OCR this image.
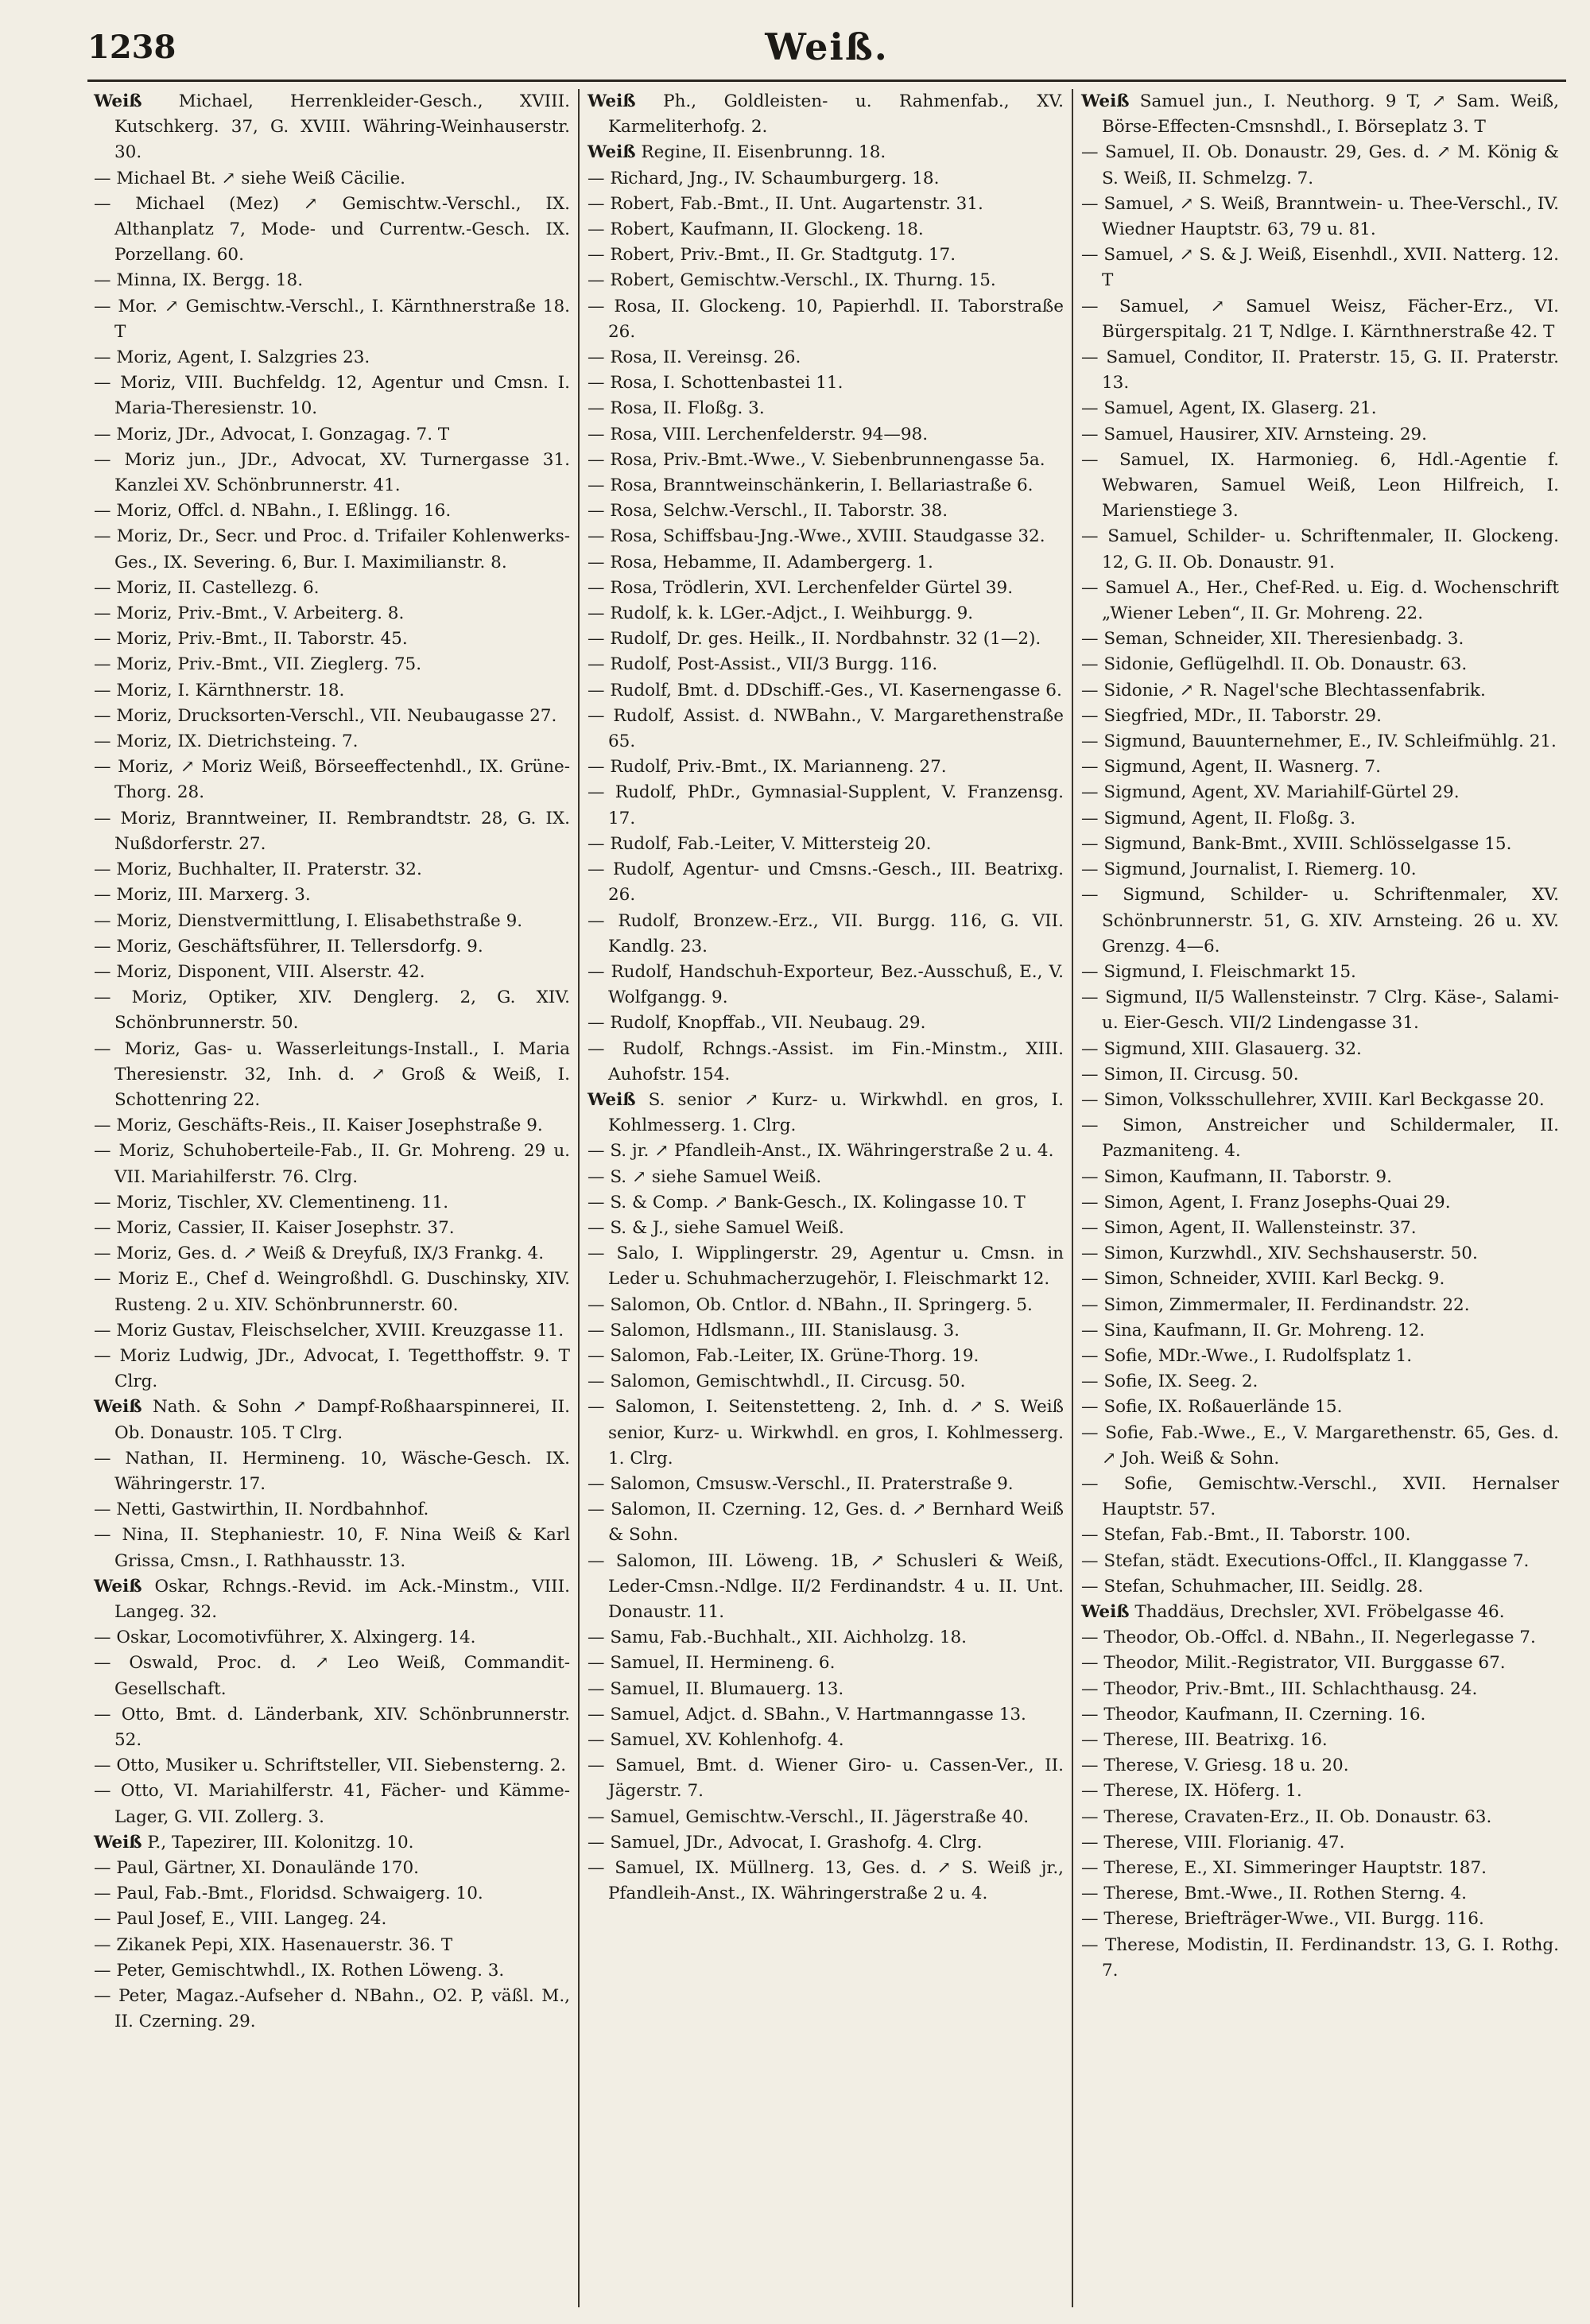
1238	Weiß.
Weiß Michael, Herrenkleider-Gesch., XVIII. Kutschkerg. 37, G. XVIII. Währing-Weinhauserstr. 30.
— Michael Bt. ↗ siehe Weiß Cäcilie.
— Michael (Mez) ↗ Gemischtw.-Verschl., IX. Althanplatz 7, Mode- und Currentw.-Gesch. IX. Porzellang. 60.
— Minna, IX. Bergg. 18.
— Mor. ↗ Gemischtw.-Verschl., I. Kärnthnerstraße 18. T
— Moriz, Agent, I. Salzgries 23.
— Moriz, VIII. Buchfeldg. 12, Agentur und Cmsn. I. Maria-Theresienstr. 10.
— Moriz, JDr., Advocat, I. Gonzagag. 7. T
— Moriz jun., JDr., Advocat, XV. Turnergasse 31. Kanzlei XV. Schönbrunnerstr. 41.
— Moriz, Offcl. d. NBahn., I. Eßlingg. 16.
— Moriz, Dr., Secr. und Proc. d. Trifailer Kohlenwerks-Ges., IX. Severing. 6, Bur. I. Maximilianstr. 8.
— Moriz, II. Castellezg. 6.
— Moriz, Priv.-Bmt., V. Arbeiterg. 8.
— Moriz, Priv.-Bmt., II. Taborstr. 45.
— Moriz, Priv.-Bmt., VII. Zieglerg. 75.
— Moriz, I. Kärnthnerstr. 18.
— Moriz, Drucksorten-Verschl., VII. Neubaugasse 27.
— Moriz, IX. Dietrichsteing. 7.
— Moriz, ↗ Moriz Weiß, Börseeffectenhdl., IX. Grüne-Thorg. 28.
— Moriz, Branntweiner, II. Rembrandtstr. 28, G. IX. Nußdorferstr. 27.
— Moriz, Buchhalter, II. Praterstr. 32.
— Moriz, III. Marxerg. 3.
— Moriz, Dienstvermittlung, I. Elisabethstraße 9.
— Moriz, Geschäftsführer, II. Tellersdorfg. 9.
— Moriz, Disponent, VIII. Alserstr. 42.
— Moriz, Optiker, XIV. Denglerg. 2, G. XIV. Schönbrunnerstr. 50.
— Moriz, Gas- u. Wasserleitungs-Install., I. Maria Theresienstr. 32, Inh. d. ↗ Groß & Weiß, I. Schottenring 22.
— Moriz, Geschäfts-Reis., II. Kaiser Josephstraße 9.
— Moriz, Schuhoberteile-Fab., II. Gr. Mohreng. 29 u. VII. Mariahilferstr. 76. Clrg.
— Moriz, Tischler, XV. Clementineng. 11.
— Moriz, Cassier, II. Kaiser Josephstr. 37.
— Moriz, Ges. d. ↗ Weiß & Dreyfuß, IX/3 Frankg. 4.
— Moriz E., Chef d. Weingroßhdl. G. Duschinsky, XIV. Rusteng. 2 u. XIV. Schönbrunnerstr. 60.
— Moriz Gustav, Fleischselcher, XVIII. Kreuzgasse 11.
— Moriz Ludwig, JDr., Advocat, I. Tegetthoffstr. 9. T Clrg.
Weiß Nath. & Sohn ↗ Dampf-Roßhaarspinnerei, II. Ob. Donaustr. 105. T Clrg.
— Nathan, II. Hermineng. 10, Wäsche-Gesch. IX. Währingerstr. 17.
— Netti, Gastwirthin, II. Nordbahnhof.
— Nina, II. Stephaniestr. 10, F. Nina Weiß & Karl Grissa, Cmsn., I. Rathhausstr. 13.
Weiß Oskar, Rchngs.-Revid. im Ack.-Minstm., VIII. Langeg. 32.
— Oskar, Locomotivführer, X. Alxingerg. 14.
— Oswald, Proc. d. ↗ Leo Weiß, Commandit-Gesellschaft.
— Otto, Bmt. d. Länderbank, XIV. Schönbrunnerstr. 52.
— Otto, Musiker u. Schriftsteller, VII. Siebensterng. 2.
— Otto, VI. Mariahilferstr. 41, Fächer- und Kämme-Lager, G. VII. Zollerg. 3.
Weiß P., Tapezirer, III. Kolonitzg. 10.
— Paul, Gärtner, XI. Donaulände 170.
— Paul, Fab.-Bmt., Floridsd. Schwaigerg. 10.
— Paul Josef, E., VIII. Langeg. 24.
— Zikanek Pepi, XIX. Hasenauerstr. 36. T
— Peter, Gemischtwhdl., IX. Rothen Löweng. 3.
— Peter, Magaz.-Aufseher d. NBahn., O2. P, väßl. M., II. Czerning. 29.
Weiß Ph., Goldleisten- u. Rahmenfab., XV. Karmeliterhofg. 2.
Weiß Regine, II. Eisenbrunng. 18.
— Richard, Jng., IV. Schaumburgerg. 18.
— Robert, Fab.-Bmt., II. Unt. Augartenstr. 31.
— Robert, Kaufmann, II. Glockeng. 18.
— Robert, Priv.-Bmt., II. Gr. Stadtgutg. 17.
— Robert, Gemischtw.-Verschl., IX. Thurng. 15.
— Rosa, II. Glockeng. 10, Papierhdl. II. Taborstraße 26.
— Rosa, II. Vereinsg. 26.
— Rosa, I. Schottenbastei 11.
— Rosa, II. Floßg. 3.
— Rosa, VIII. Lerchenfelderstr. 94—98.
— Rosa, Priv.-Bmt.-Wwe., V. Siebenbrunnengasse 5a.
— Rosa, Branntweinschänkerin, I. Bellariastraße 6.
— Rosa, Selchw.-Verschl., II. Taborstr. 38.
— Rosa, Schiffsbau-Jng.-Wwe., XVIII. Staudgasse 32.
— Rosa, Hebamme, II. Adambergerg. 1.
— Rosa, Trödlerin, XVI. Lerchenfelder Gürtel 39.
— Rudolf, k. k. LGer.-Adjct., I. Weihburgg. 9.
— Rudolf, Dr. ges. Heilk., II. Nordbahnstr. 32 (1—2).
— Rudolf, Post-Assist., VII/3 Burgg. 116.
— Rudolf, Bmt. d. DDschiff.-Ges., VI. Kasernengasse 6.
— Rudolf, Assist. d. NWBahn., V. Margarethenstraße 65.
— Rudolf, Priv.-Bmt., IX. Marianneng. 27.
— Rudolf, PhDr., Gymnasial-Supplent, V. Franzensg. 17.
— Rudolf, Fab.-Leiter, V. Mittersteig 20.
— Rudolf, Agentur- und Cmsns.-Gesch., III. Beatrixg. 26.
— Rudolf, Bronzew.-Erz., VII. Burgg. 116, G. VII. Kandlg. 23.
— Rudolf, Handschuh-Exporteur, Bez.-Ausschuß, E., V. Wolfgangg. 9.
— Rudolf, Knopffab., VII. Neubaug. 29.
— Rudolf, Rchngs.-Assist. im Fin.-Minstm., XIII. Auhofstr. 154.
Weiß S. senior ↗ Kurz- u. Wirkwhdl. en gros, I. Kohlmesserg. 1. Clrg.
— S. jr. ↗ Pfandleih-Anst., IX. Währingerstraße 2 u. 4.
— S. ↗ siehe Samuel Weiß.
— S. & Comp. ↗ Bank-Gesch., IX. Kolingasse 10. T
— S. & J., siehe Samuel Weiß.
— Salo, I. Wipplingerstr. 29, Agentur u. Cmsn. in Leder u. Schuhmacherzugehör, I. Fleischmarkt 12.
— Salomon, Ob. Cntlor. d. NBahn., II. Springerg. 5.
— Salomon, Hdlsmann., III. Stanislausg. 3.
— Salomon, Fab.-Leiter, IX. Grüne-Thorg. 19.
— Salomon, Gemischtwhdl., II. Circusg. 50.
— Salomon, I. Seitenstetteng. 2, Inh. d. ↗ S. Weiß senior, Kurz- u. Wirkwhdl. en gros, I. Kohlmesserg. 1. Clrg.
— Salomon, Cmsusw.-Verschl., II. Praterstraße 9.
— Salomon, II. Czerning. 12, Ges. d. ↗ Bernhard Weiß & Sohn.
— Salomon, III. Löweng. 1B, ↗ Schusleri & Weiß, Leder-Cmsn.-Ndlge. II/2 Ferdinandstr. 4 u. II. Unt. Donaustr. 11.
— Samu, Fab.-Buchhalt., XII. Aichholzg. 18.
— Samuel, II. Hermineng. 6.
— Samuel, II. Blumauerg. 13.
— Samuel, Adjct. d. SBahn., V. Hartmanngasse 13.
— Samuel, XV. Kohlenhofg. 4.
— Samuel, Bmt. d. Wiener Giro- u. Cassen-Ver., II. Jägerstr. 7.
— Samuel, Gemischtw.-Verschl., II. Jägerstraße 40.
— Samuel, JDr., Advocat, I. Grashofg. 4. Clrg.
— Samuel, IX. Müllnerg. 13, Ges. d. ↗ S. Weiß jr., Pfandleih-Anst., IX. Währingerstraße 2 u. 4.
Weiß Samuel jun., I. Neuthorg. 9 T, ↗ Sam. Weiß, Börse-Effecten-Cmsnshdl., I. Börseplatz 3. T
— Samuel, II. Ob. Donaustr. 29, Ges. d. ↗ M. König & S. Weiß, II. Schmelzg. 7.
— Samuel, ↗ S. Weiß, Branntwein- u. Thee-Verschl., IV. Wiedner Hauptstr. 63, 79 u. 81.
— Samuel, ↗ S. & J. Weiß, Eisenhdl., XVII. Natterg. 12. T
— Samuel, ↗ Samuel Weisz, Fächer-Erz., VI. Bürgerspitalg. 21 T, Ndlge. I. Kärnthnerstraße 42. T
— Samuel, Conditor, II. Praterstr. 15, G. II. Praterstr. 13.
— Samuel, Agent, IX. Glaserg. 21.
— Samuel, Hausirer, XIV. Arnsteing. 29.
— Samuel, IX. Harmonieg. 6, Hdl.-Agentie f. Webwaren, Samuel Weiß, Leon Hilfreich, I. Marienstiege 3.
— Samuel, Schilder- u. Schriftenmaler, II. Glockeng. 12, G. II. Ob. Donaustr. 91.
— Samuel A., Her., Chef-Red. u. Eig. d. Wochenschrift „Wiener Leben“, II. Gr. Mohreng. 22.
— Seman, Schneider, XII. Theresienbadg. 3.
— Sidonie, Geflügelhdl. II. Ob. Donaustr. 63.
— Sidonie, ↗ R. Nagel'sche Blechtassenfabrik.
— Siegfried, MDr., II. Taborstr. 29.
— Sigmund, Bauunternehmer, E., IV. Schleifmühlg. 21.
— Sigmund, Agent, II. Wasnerg. 7.
— Sigmund, Agent, XV. Mariahilf-Gürtel 29.
— Sigmund, Agent, II. Floßg. 3.
— Sigmund, Bank-Bmt., XVIII. Schlösselgasse 15.
— Sigmund, Journalist, I. Riemerg. 10.
— Sigmund, Schilder- u. Schriftenmaler, XV. Schönbrunnerstr. 51, G. XIV. Arnsteing. 26 u. XV. Grenzg. 4—6.
— Sigmund, I. Fleischmarkt 15.
— Sigmund, II/5 Wallensteinstr. 7 Clrg. Käse-, Salami- u. Eier-Gesch. VII/2 Lindengasse 31.
— Sigmund, XIII. Glasauerg. 32.
— Simon, II. Circusg. 50.
— Simon, Volksschullehrer, XVIII. Karl Beckgasse 20.
— Simon, Anstreicher und Schildermaler, II. Pazmaniteng. 4.
— Simon, Kaufmann, II. Taborstr. 9.
— Simon, Agent, I. Franz Josephs-Quai 29.
— Simon, Agent, II. Wallensteinstr. 37.
— Simon, Kurzwhdl., XIV. Sechshauserstr. 50.
— Simon, Schneider, XVIII. Karl Beckg. 9.
— Simon, Zimmermaler, II. Ferdinandstr. 22.
— Sina, Kaufmann, II. Gr. Mohreng. 12.
— Sofie, MDr.-Wwe., I. Rudolfsplatz 1.
— Sofie, IX. Seeg. 2.
— Sofie, IX. Roßauerlände 15.
— Sofie, Fab.-Wwe., E., V. Margarethenstr. 65, Ges. d. ↗ Joh. Weiß & Sohn.
— Sofie, Gemischtw.-Verschl., XVII. Hernalser Hauptstr. 57.
— Stefan, Fab.-Bmt., II. Taborstr. 100.
— Stefan, städt. Executions-Offcl., II. Klanggasse 7.
— Stefan, Schuhmacher, III. Seidlg. 28.
Weiß Thaddäus, Drechsler, XVI. Fröbelgasse 46.
— Theodor, Ob.-Offcl. d. NBahn., II. Negerlegasse 7.
— Theodor, Milit.-Registrator, VII. Burggasse 67.
— Theodor, Priv.-Bmt., III. Schlachthausg. 24.
— Theodor, Kaufmann, II. Czerning. 16.
— Therese, III. Beatrixg. 16.
— Therese, V. Griesg. 18 u. 20.
— Therese, IX. Höferg. 1.
— Therese, Cravaten-Erz., II. Ob. Donaustr. 63.
— Therese, VIII. Florianig. 47.
— Therese, E., XI. Simmeringer Hauptstr. 187.
— Therese, Bmt.-Wwe., II. Rothen Sterng. 4.
— Therese, Briefträger-Wwe., VII. Burgg. 116.
— Therese, Modistin, II. Ferdinandstr. 13, G. I. Rothg. 7.
